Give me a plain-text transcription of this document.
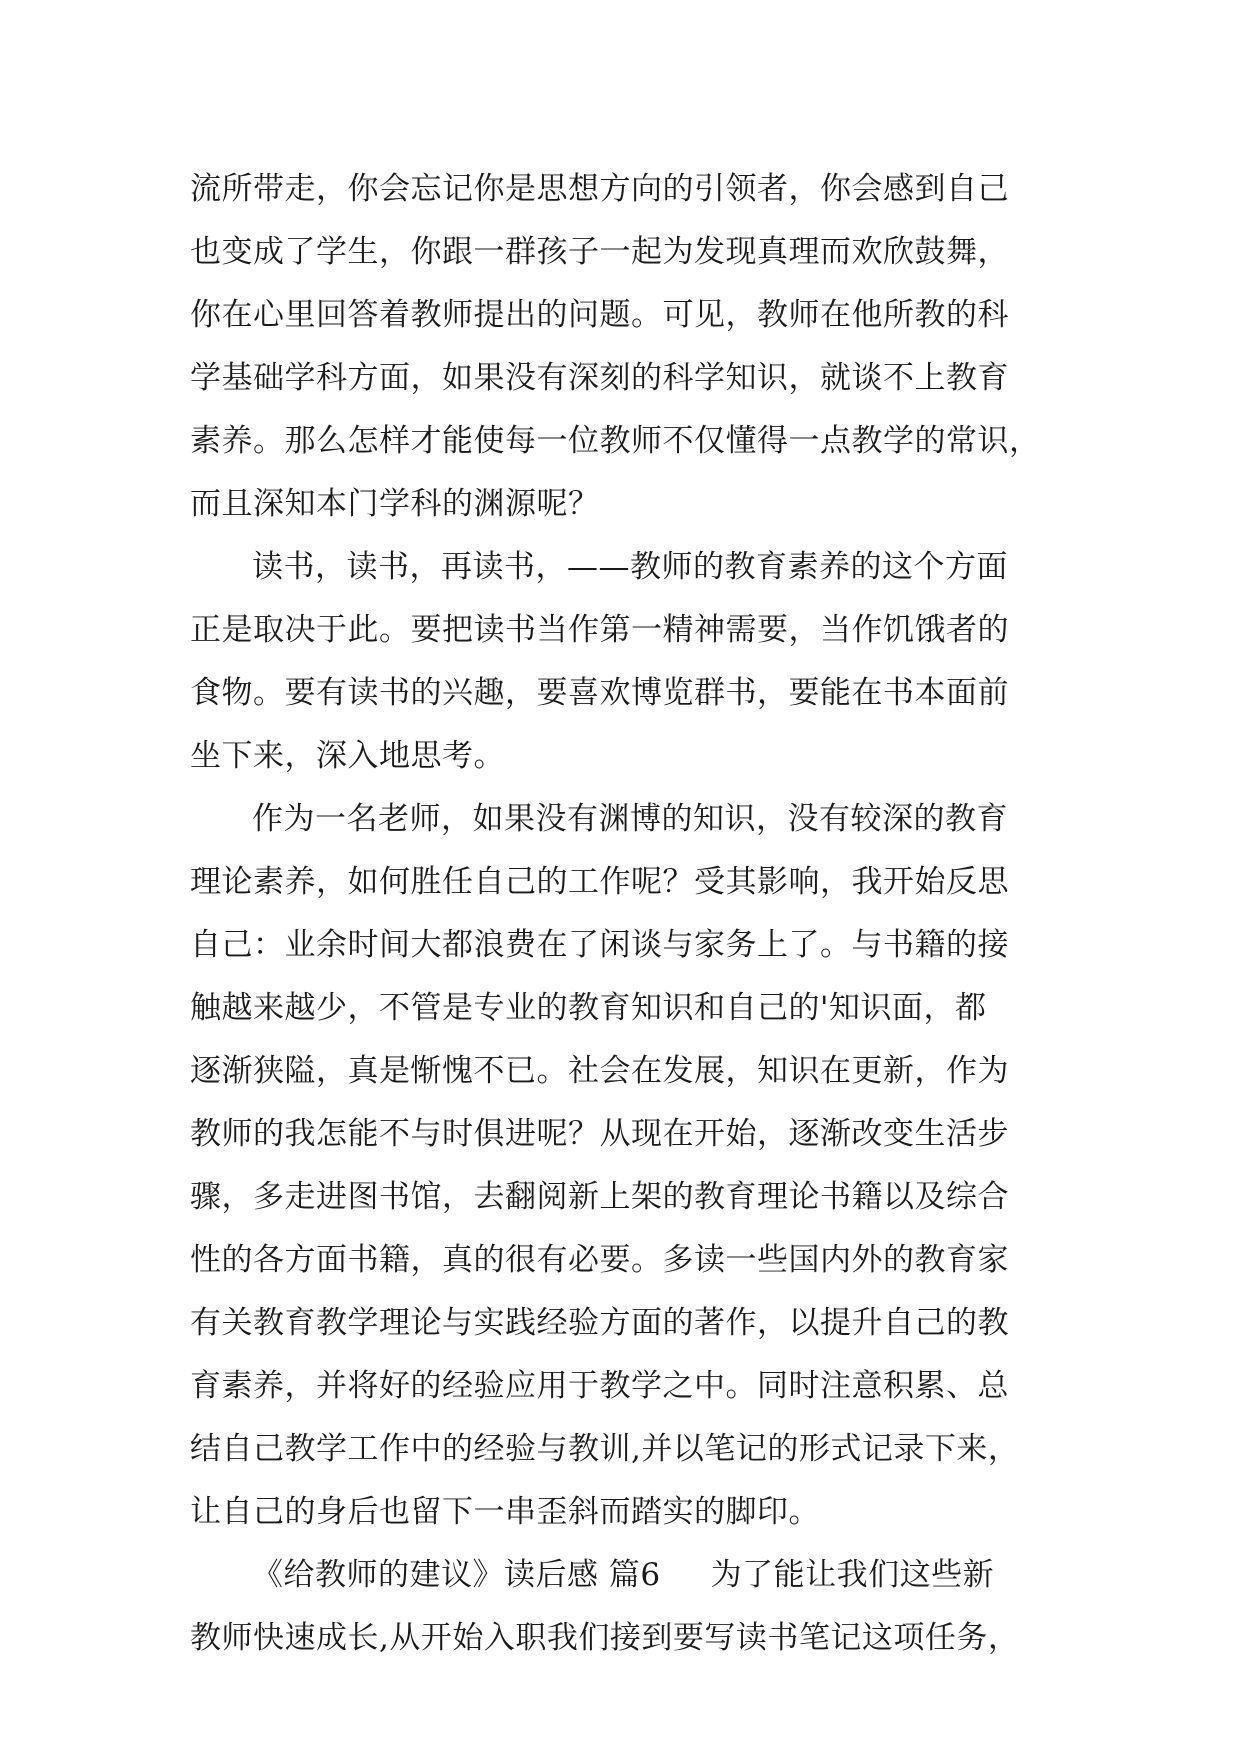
流所带走，你会忘记你是思想方向的引领者，你会感到自己
也变成了学生，你跟一群孩子一起为发现真理而欢欣鼓舞，
你在心里回答着教师提出的问题。可见，教师在他所教的科
学基础学科方面，如果没有深刻的科学知识，就谈不上教育
素养。那么怎样才能使每一位教师不仅懂得一点教学的常识，
而且深知本门学科的渊源呢？
读书，读书，再读书，——教师的教育素养的这个方面
正是取决于此。要把读书当作第一精神需要，当作饥饿者的
食物。要有读书的兴趣，要喜欢博览群书，要能在书本面前
坐下来，深入地思考。
作为一名老师，如果没有渊博的知识，没有较深的教育
理论素养，如何胜任自己的工作呢？受其影响，我开始反思
自己：业余时间大都浪费在了闲谈与家务上了。与书籍的接
触越来越少，不管是专业的教育知识和自己的'知识面，都
逐渐狭隘，真是惭愧不已。社会在发展，知识在更新，作为
教师的我怎能不与时俱进呢？从现在开始，逐渐改变生活步
骤，多走进图书馆，去翻阅新上架的教育理论书籍以及综合
性的各方面书籍，真的很有必要。多读一些国内外的教育家
有关教育教学理论与实践经验方面的著作，以提升自己的教
育素养，并将好的经验应用于教学之中。同时注意积累、总
结自己教学工作中的经验与教训,并以笔记的形式记录下来，
让自己的身后也留下一串歪斜而踏实的脚印。
《给教师的建议》读后感 篇6 为了能让我们这些新
教师快速成长,从开始入职我们接到要写读书笔记这项任务，
